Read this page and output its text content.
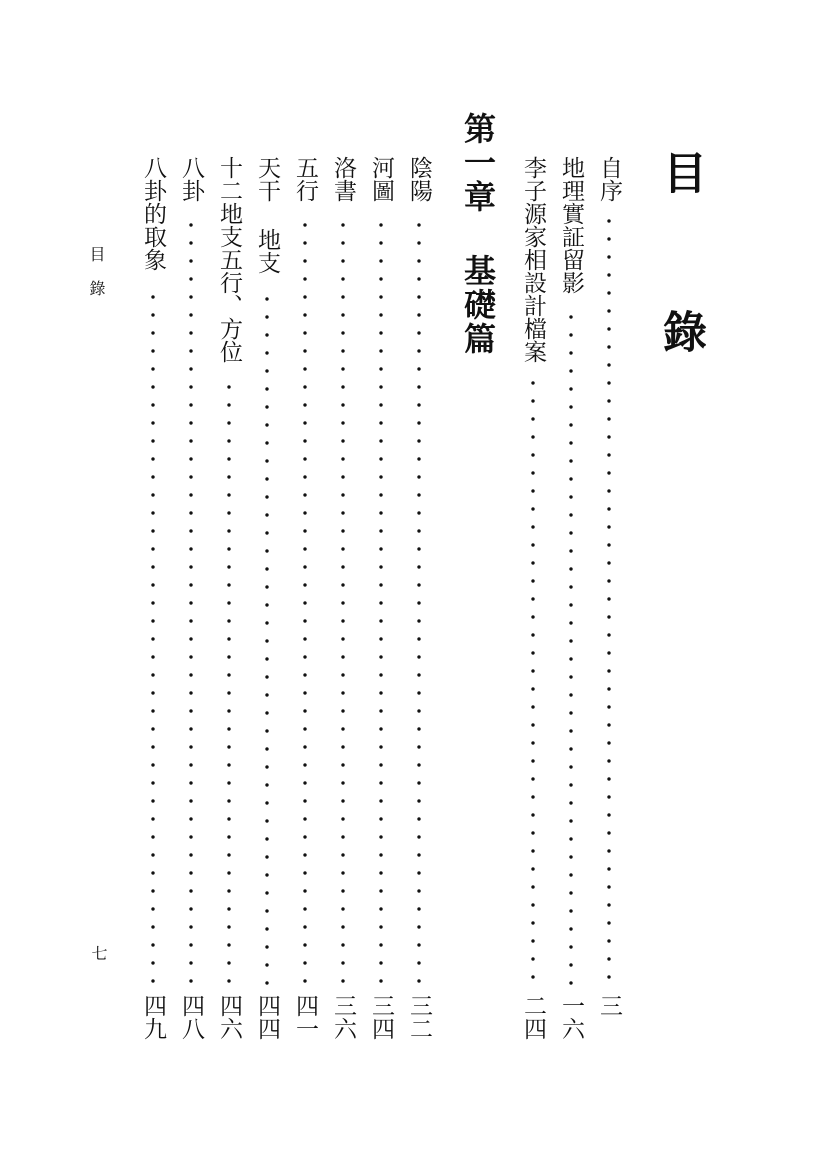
目 錄
第一章 基礎篇	自序
三
地理實証留影
一六
李子源家相設計檔案
二四
陰陽
三二
河圖
三四
洛書
三六
五行
四一
天干 地支
四四
十二地支五行、方位
四六
八卦
四八
八卦的取象
四九
目錄
七
